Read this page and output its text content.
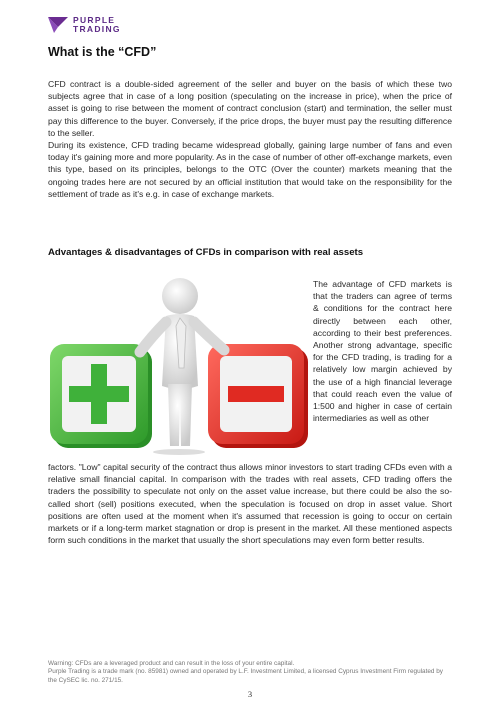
PURPLE
TRADING
What is the “CFD”

CFD contract is a double-sided agreement of the seller and buyer on the basis of which these two subjects agree that in case of a long position (speculating on the increase in price), when the price of asset is going to rise between the moment of contract conclusion (start) and termination, the seller must pay this difference to the buyer. Conversely, if the price drops, the buyer must pay the resulting difference to the seller.

During its existence, CFD trading became widespread globally, gaining large number of fans and even today it's gaining more and more popularity. As in the case of number of other off-exchange markets, even this type, based on its principles, belongs to the OTC (Over the counter) markets meaning that the ongoing trades here are not secured by an official institution that would take on the responsibility for the settlement of trade as it's e.g. in case of exchange markets.

Advantages & disadvantages of CFDs in comparison with real assets
The advantage of CFD markets is that the traders can agree of terms & conditions for the contract here directly between each other, according to their best preferences. Another strong advantage, specific for the CFD trading, is trading for a relatively low margin achieved by the use of a high financial leverage that could reach even the value of 1:500 and higher in case of certain intermediaries as well as other
factors. "Low" capital security of the contract thus allows minor investors to start trading CFDs even with a relative small financial capital. In comparison with the trades with real assets, CFD trading offers the traders the possibility to speculate not only on the asset value increase, but there could be also the so-called short (sell) positions executed, when the speculation is focused on drop in asset value. Short positions are often used at the moment when it's assumed that recession is going to occur on certain markets or if a long-term market stagnation or drop is present in the market. All these mentioned aspects form such conditions in the market that usually the short speculations may even form better results.
Warning: CFDs are a leveraged product and can result in the loss of your entire capital.
Purple Trading is a trade mark (no. 85981) owned and operated by L.F. Investment Limited, a licensed Cyprus Investment Firm regulated by the CySEC lic. no. 271/15.
3
